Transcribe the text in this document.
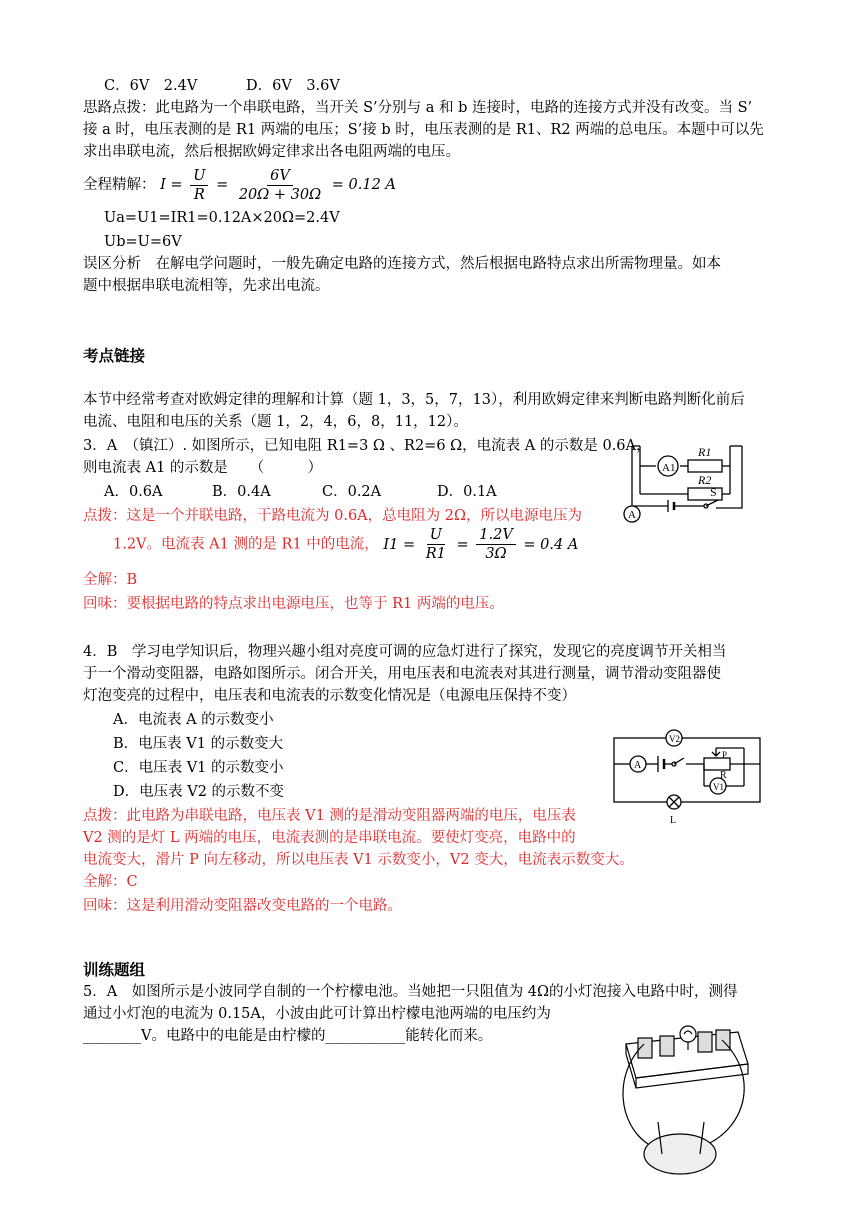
C．6V　2.4V	D．6V　3.6V
思路点拨：此电路为一个串联电路，当开关 S’分别与 a 和 b 连接时，电路的连接方式并没有改变。当 S’
接 a 时，电压表测的是 R1 两端的电压；S’接 b 时，电压表测的是 R1、R2 两端的总电压。本题中可以先
求出串联电流，然后根据欧姆定律求出各电阻两端的电压。
全程精解： $I = \frac{U}{R} = \frac{6V}{20\Omega + 30\Omega} = 0.12$ A
Ua=U1=IR1=0.12A×20Ω=2.4V
Ub=U=6V
误区分析　在解电学问题时，一般先确定电路的连接方式，然后根据电路特点求出所需物理量。如本
题中根据串联电流相等，先求出电流。
考点链接
本节中经常考查对欧姆定律的理解和计算（题 1，3，5，7，13），利用欧姆定律来判断电路判断化前后
电流、电阻和电压的关系（题 1，2，4，6，8，11，12）。
3．A　（镇江）. 如图所示，已知电阻 R1=3 Ω 、R2=6 Ω，电流表 A 的示数是 0.6A，
则电流表 A1 的示数是　　（　　　）
A．0.6A	B．0.4A	C．0.2A	D．0.1A
点拨：这是一个并联电路，干路电流为 0.6A，总电阻为 2Ω，所以电源电压为
1.2V。电流表 A1 测的是 R1 中的电流， $I1 = \frac{U}{R1} = \frac{1.2V}{3\Omega} = 0.4$ A
全解：B
回味：要根据电路的特点求出电源电压，也等于 R1 两端的电压。
A1
A
R1
R2
S
4．B　学习电学知识后，物理兴趣小组对亮度可调的应急灯进行了探究，发现它的亮度调节开关相当
于一个滑动变阻器，电路如图所示。闭合开关，用电压表和电流表对其进行测量，调节滑动变阻器使
灯泡变亮的过程中，电压表和电流表的示数变化情况是（电源电压保持不变）
A．电流表 A 的示数变小
B．电压表 V1 的示数变大
C．电压表 V1 的示数变小
D．电压表 V2 的示数不变
点拨：此电路为串联电路，电压表 V1 测的是滑动变阻器两端的电压，电压表
V2 测的是灯 L 两端的电压，电流表测的是串联电流。要使灯变亮，电路中的
电流变大，滑片 P 向左移动，所以电压表 V1 示数变小，V2 变大，电流表示数变大。
全解：C
回味：这是利用滑动变阻器改变电路的一个电路。
V2
A
P
R
V1
L
训练题组
5．A　如图所示是小波同学自制的一个柠檬电池。当她把一只阻值为 4Ω的小灯泡接入电路中时，测得
通过小灯泡的电流为 0.15A，小波由此可计算出柠檬电池两端的电压约为
________V。电路中的电能是由柠檬的___________能转化而来。
